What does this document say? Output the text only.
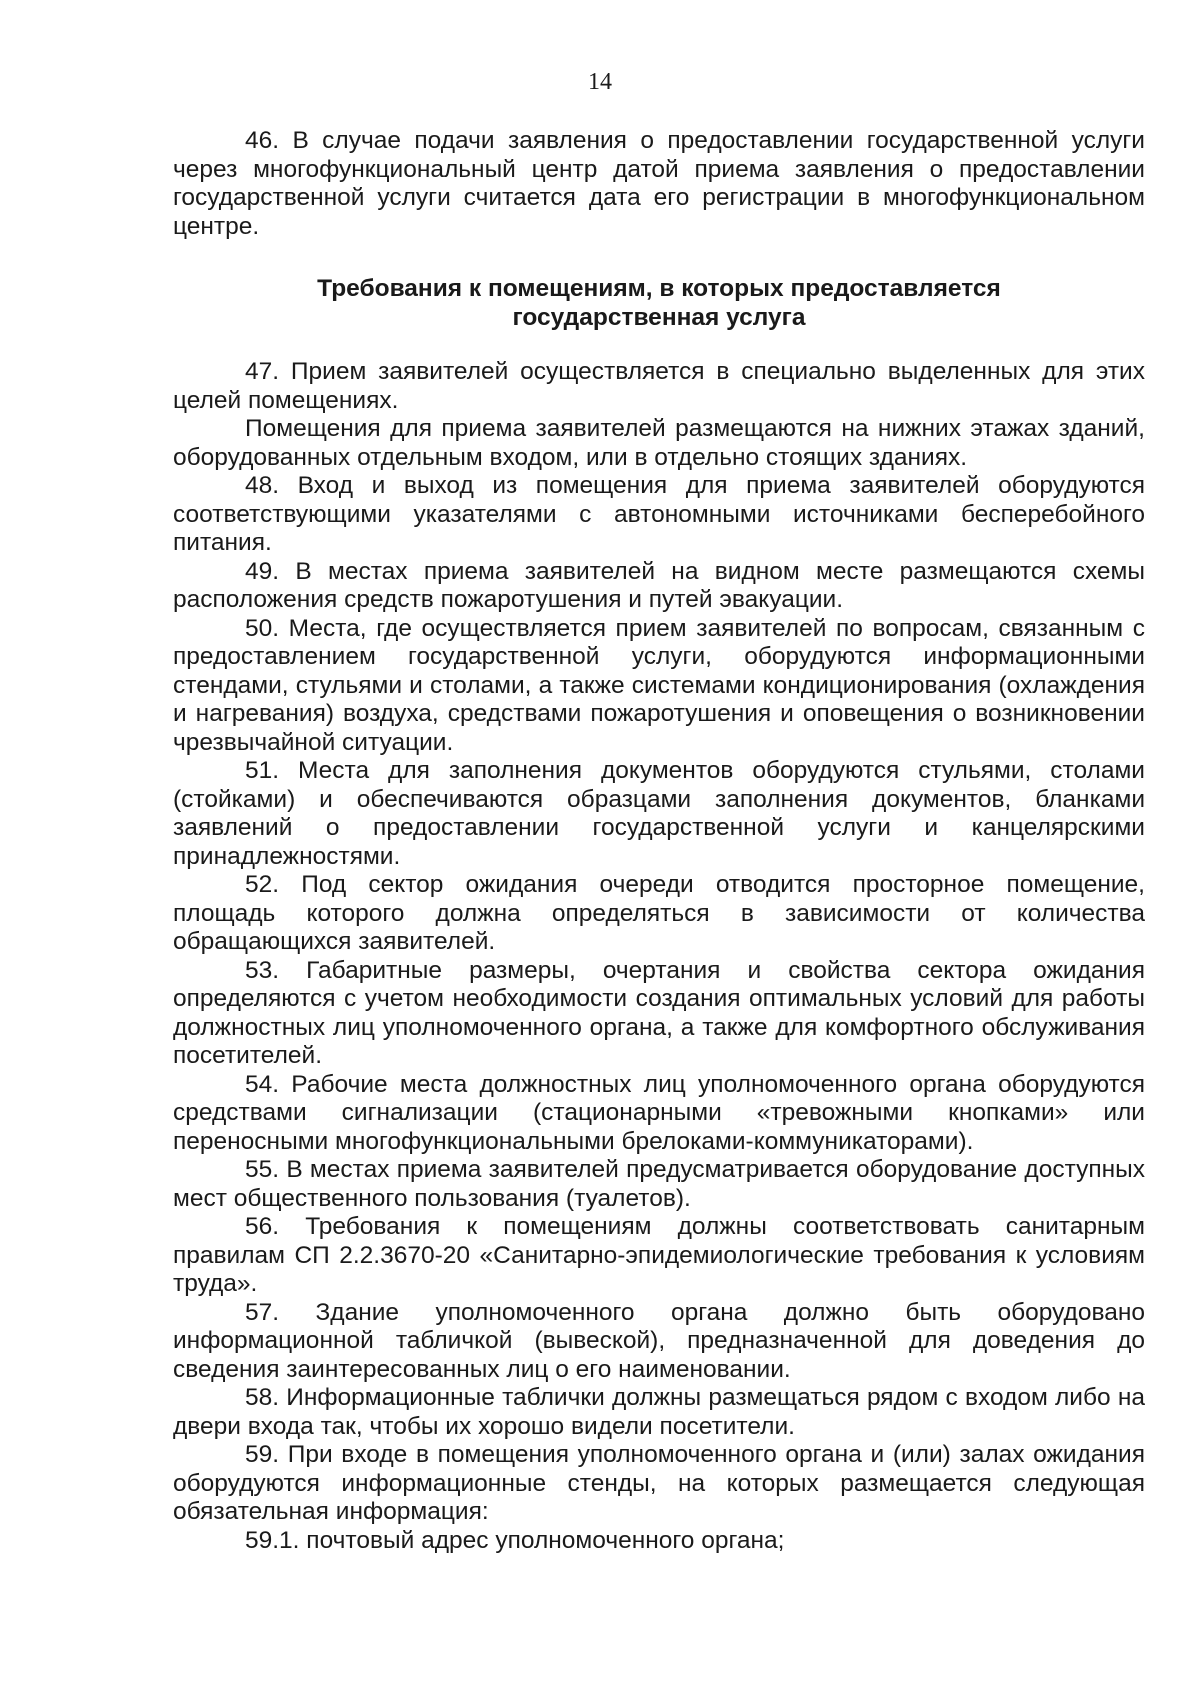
14

46. В случае подачи заявления о предоставлении государственной услуги через многофункциональный центр датой приема заявления о предоставлении государственной услуги считается дата его регистрации в многофункциональном центре.

Требования к помещениям, в которых предоставляется
государственная услуга

47. Прием заявителей осуществляется в специально выделенных для этих целей помещениях.

Помещения для приема заявителей размещаются на нижних этажах зданий, оборудованных отдельным входом, или в отдельно стоящих зданиях.

48. Вход и выход из помещения для приема заявителей оборудуются соответствующими указателями с автономными источниками бесперебойного питания.

49. В местах приема заявителей на видном месте размещаются схемы расположения средств пожаротушения и путей эвакуации.

50. Места, где осуществляется прием заявителей по вопросам, связанным с предоставлением государственной услуги, оборудуются информационными стендами, стульями и столами, а также системами кондиционирования (охлаждения и нагревания) воздуха, средствами пожаротушения и оповещения о возникновении чрезвычайной ситуации.

51. Места для заполнения документов оборудуются стульями, столами (стойками) и обеспечиваются образцами заполнения документов, бланками заявлений о предоставлении государственной услуги и канцелярскими принадлежностями.

52. Под сектор ожидания очереди отводится просторное помещение, площадь которого должна определяться в зависимости от количества обращающихся заявителей.

53. Габаритные размеры, очертания и свойства сектора ожидания определяются с учетом необходимости создания оптимальных условий для работы должностных лиц уполномоченного органа, а также для комфортного обслуживания посетителей.

54. Рабочие места должностных лиц уполномоченного органа оборудуются средствами сигнализации (стационарными «тревожными кнопками» или переносными многофункциональными брелоками-коммуникаторами).

55. В местах приема заявителей предусматривается оборудование доступных мест общественного пользования (туалетов).

56. Требования к помещениям должны соответствовать санитарным правилам СП 2.2.3670-20 «Санитарно-эпидемиологические требования к условиям труда».

57. Здание уполномоченного органа должно быть оборудовано информационной табличкой (вывеской), предназначенной для доведения до сведения заинтересованных лиц о его наименовании.

58. Информационные таблички должны размещаться рядом с входом либо на двери входа так, чтобы их хорошо видели посетители.

59. При входе в помещения уполномоченного органа и (или) залах ожидания оборудуются информационные стенды, на которых размещается следующая обязательная информация:

59.1. почтовый адрес уполномоченного органа;
